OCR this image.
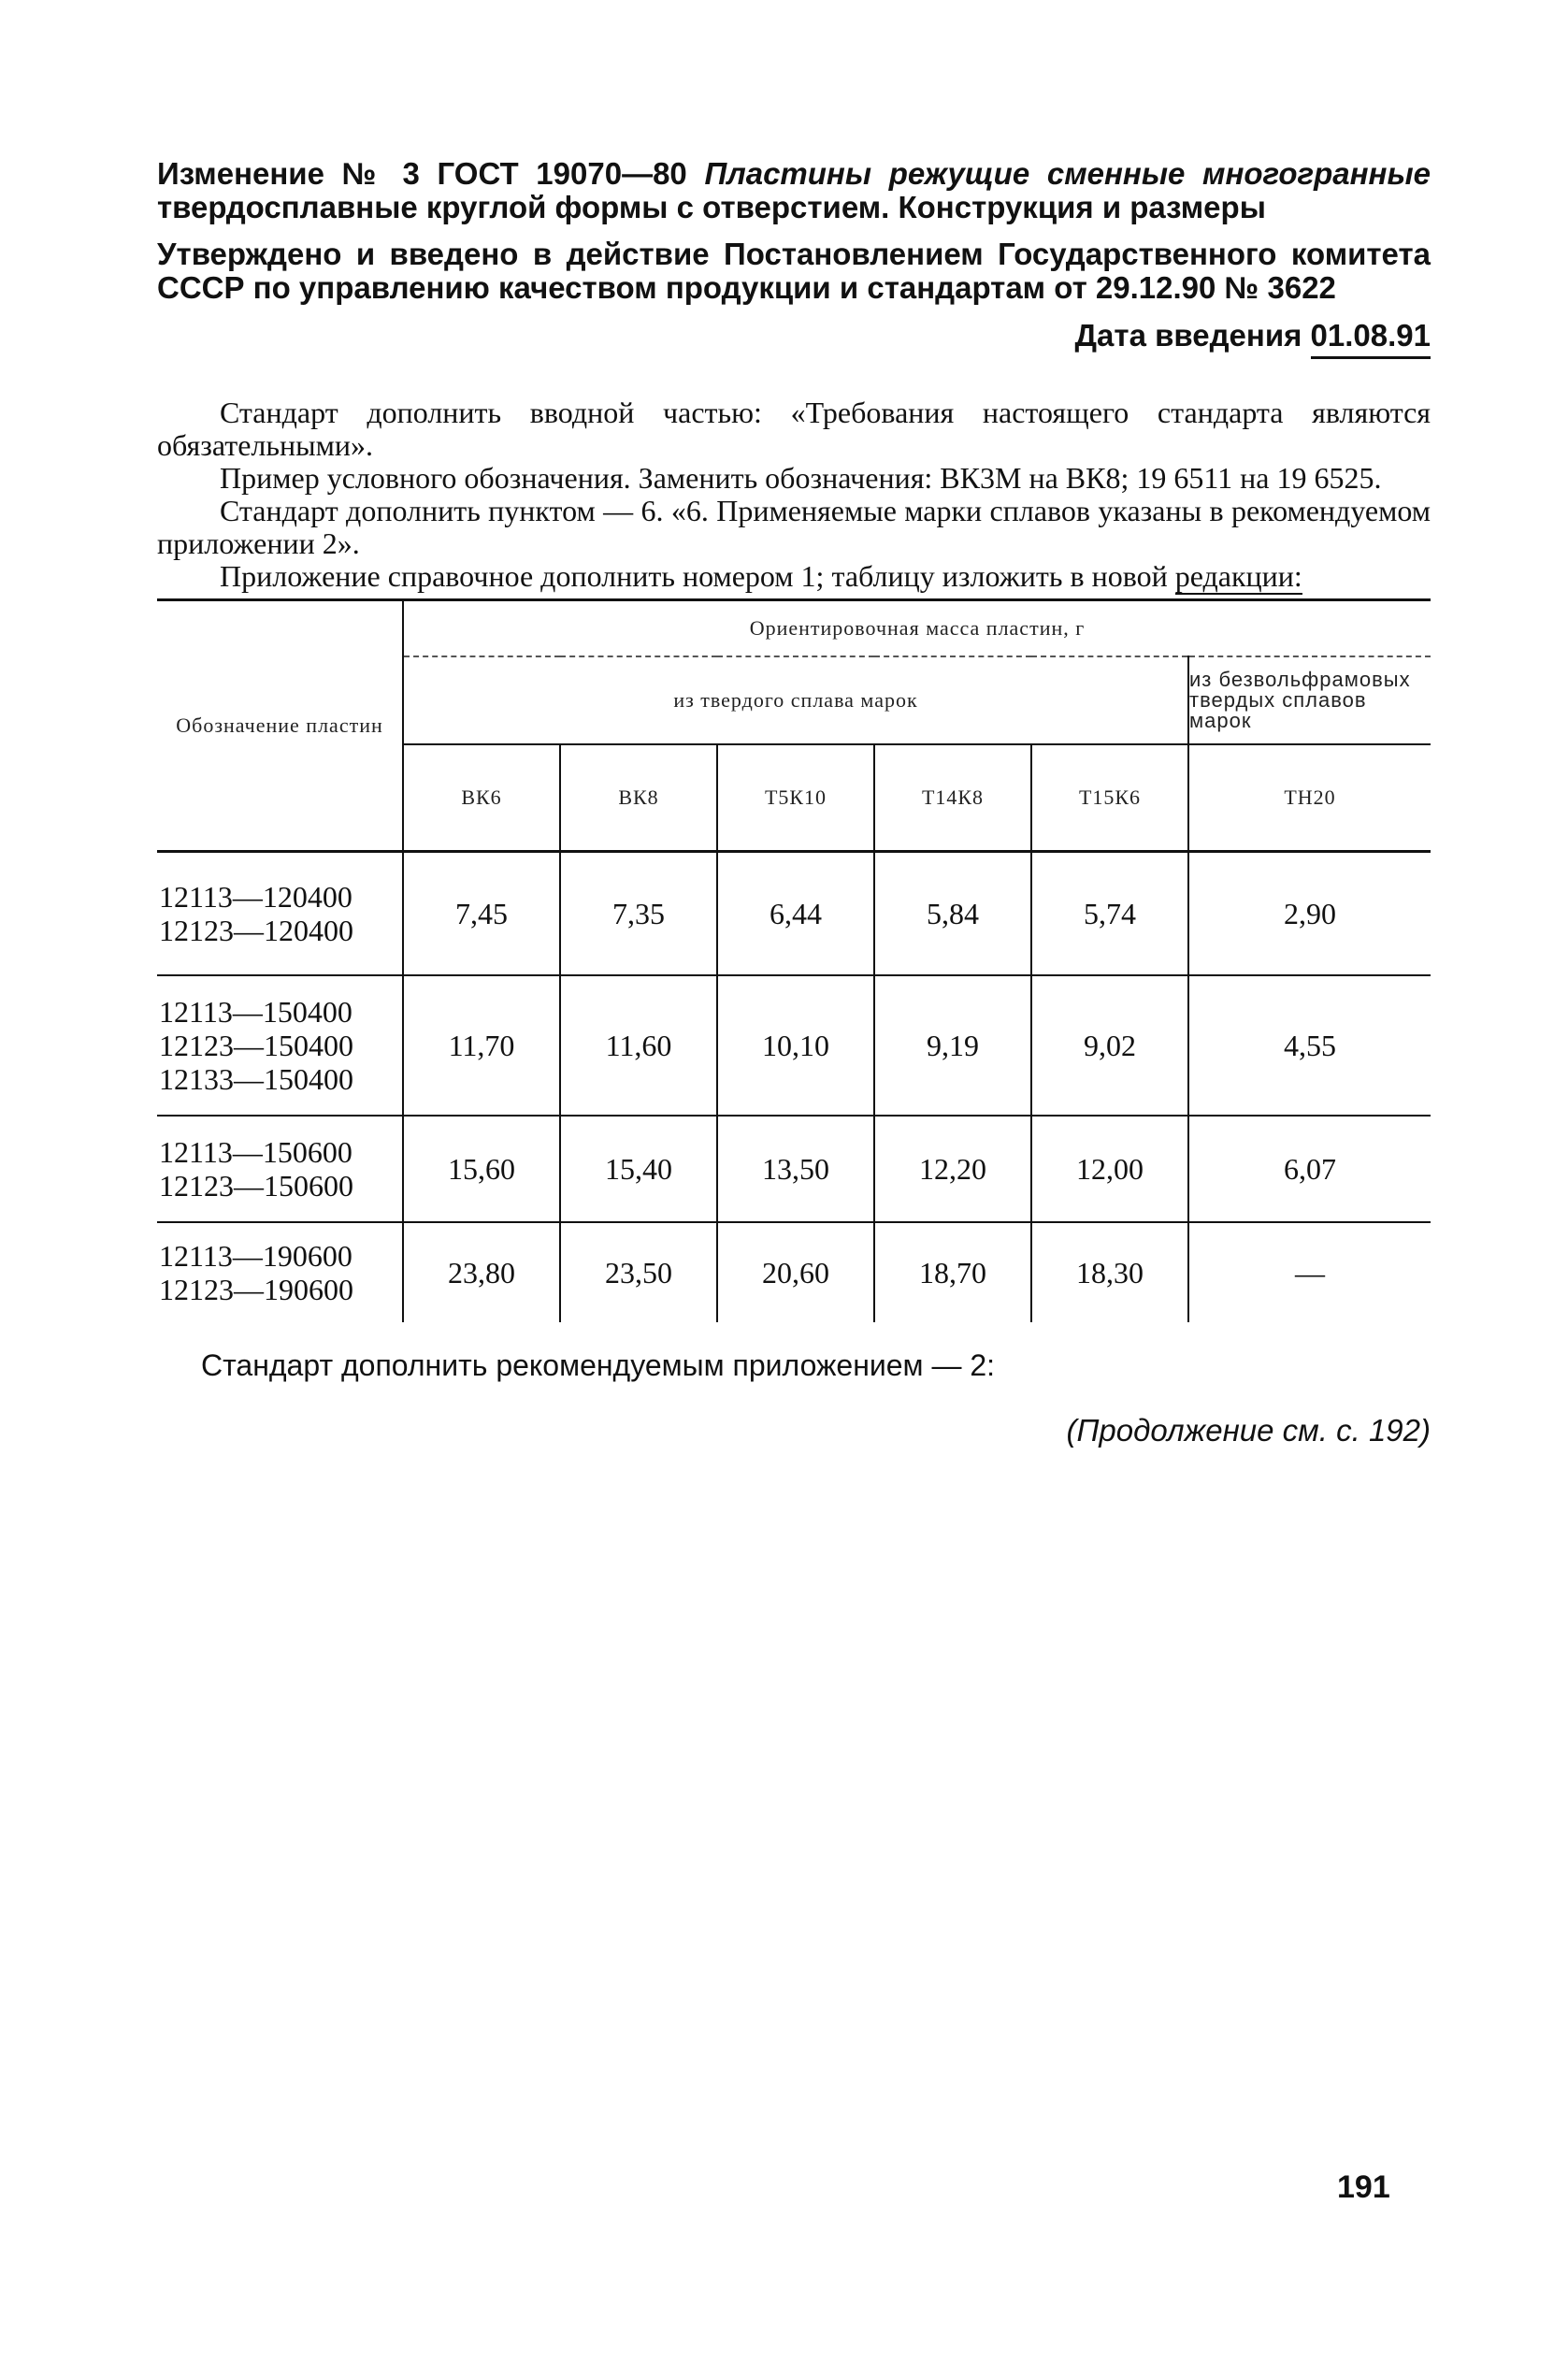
Изменение № 3 ГОСТ 19070—80 Пластины режущие сменные многогранные твердосплавные круглой формы с отверстием. Конструкция и размеры

Утверждено и введено в действие Постановлением Государственного комитета СССР по управлению качеством продукции и стандартам от 29.12.90 № 3622

Дата введения 01.08.91

Стандарт дополнить вводной частью: «Требования настоящего стандарта являются обязательными».

Пример условного обозначения. Заменить обозначения: ВК3М на ВК8; 19 6511 на 19 6525.

Стандарт дополнить пунктом — 6. «6. Применяемые марки сплавов указаны в рекомендуемом приложении 2».

Приложение справочное дополнить номером 1; таблицу изложить в новой редакции:

Обозначение пластин	Ориентировочная масса пластин, г					
	из твердого сплава марок					из безвольфрамовых твердых сплавов марок
	ВК6	ВК8	Т5К10	Т14К8	Т15К6	ТН20

12113—120400
12123—120400	7,45	7,35	6,44	5,84	5,74	2,90

12113—150400
12123—150400
12133—150400	11,70	11,60	10,10	9,19	9,02	4,55

12113—150600
12123—150600	15,60	15,40	13,50	12,20	12,00	6,07

12113—190600
12123—190600	23,80	23,50	20,60	18,70	18,30	—

Стандарт дополнить рекомендуемым приложением — 2:

(Продолжение см. с. 192)

191
